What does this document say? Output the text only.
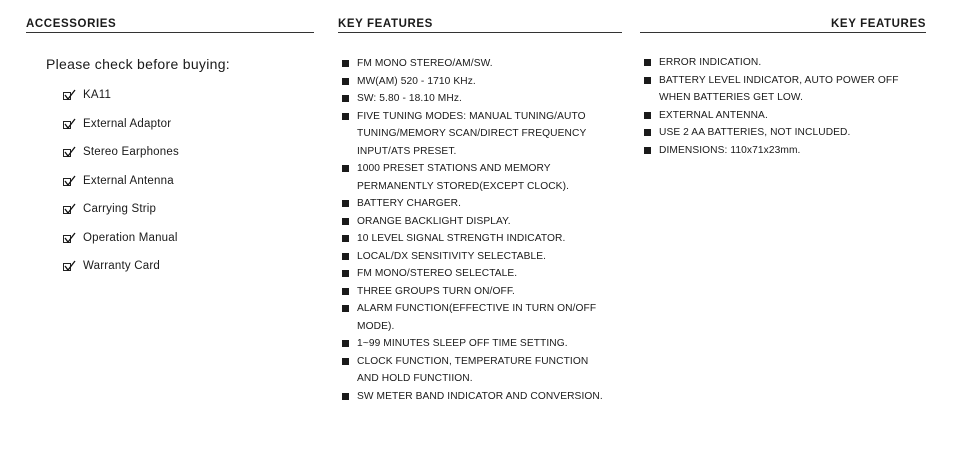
ACCESSORIES
Please check before buying:
KA11
External Adaptor
Stereo Earphones
External Antenna
Carrying Strip
Operation Manual
Warranty Card
KEY FEATURES
FM MONO STEREO/AM/SW.
MW(AM) 520 - 1710 KHz.
SW: 5.80 - 18.10 MHz.
FIVE TUNING MODES: MANUAL TUNING/AUTO
TUNING/MEMORY SCAN/DIRECT FREQUENCY
INPUT/ATS PRESET.
1000 PRESET STATIONS AND MEMORY
PERMANENTLY STORED(EXCEPT CLOCK).
BATTERY CHARGER.
ORANGE BACKLIGHT DISPLAY.
10 LEVEL SIGNAL STRENGTH INDICATOR.
LOCAL/DX SENSITIVITY SELECTABLE.
FM MONO/STEREO SELECTALE.
THREE GROUPS TURN ON/OFF.
ALARM FUNCTION(EFFECTIVE IN TURN ON/OFF
MODE).
1~99 MINUTES SLEEP OFF TIME SETTING.
CLOCK FUNCTION, TEMPERATURE FUNCTION
AND HOLD FUNCTIION.
SW METER BAND INDICATOR AND CONVERSION.
KEY FEATURES
ERROR INDICATION.
BATTERY LEVEL INDICATOR, AUTO POWER OFF
WHEN BATTERIES GET LOW.
EXTERNAL ANTENNA.
USE 2 AA BATTERIES, NOT INCLUDED.
DIMENSIONS: 110x71x23mm.
